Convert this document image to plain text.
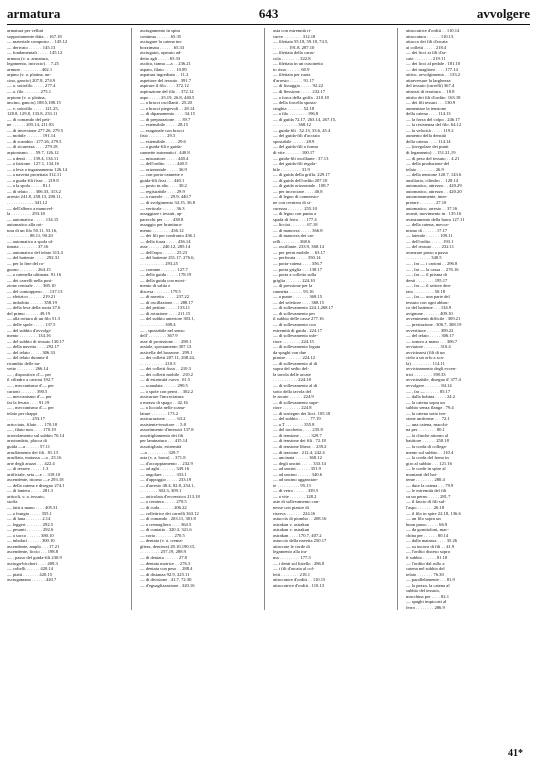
armatura	643	avvolgere
armatura per velluti
sopportamente ditta . . 167.18
— materiale composto . . 145.12
— derivato . . . . . . 145.13
— fondamentali . . . . . 145.12
armura (v. a. armatura,
legamento, incrocio) . . 7.25
armure . . . . . . . . . 402.1
arpino (v. a. platina, un-
cino, gancio) 207.8, 274.9
— a. sottofilo . . . . . 277.4
— a. filo . . . . . . . 275.1
arpione (v. a. platina,
uncino, gancio) 188.5,188.15
— v. sottofilo . . . . . 121.25,
128.8, 129.8, 133.8, 233.11
— di comando del peti-
ne . . . . . . 205.14, 211.83
— di inversione 277.26, 279.5
— mobile . . . . . . . 191.14
— di scambio . 277.26, 279.5
— di sicurezza . . . . 279.18
arpionismo . . . 59.7, 126.12
— a denti . . . 139.4, 134.11
— a frizione . 127.1, 134.16
— a leva a ingranamento 126.14
— a navetta proiettata 312.11
— a guida-fili fisse . . 219.8
— a la spola . . . . . 81.1
— di telaio . . . 306.33, 313.2
arresto 241.8, 258.13, 290.11,
. . . . . . . . . . . . 341.12
— dell'albero a manovel-
la . . . . . . . . . 293.18
— automatico . . . . . 134.15
automatico alla rot-
tura di un filo 50.11, 53.16,
. . . . . . . . . . 88.11, 90.20
— automatico a spola ul-
timata . . . . . . . . 37.16
— automatico del telaio 313.4
— del battente . . . . . 292.31
— per la fine del ro-
guono . . . . . . . . 264.15
— a catenella ultimata. 91.16
— dei carrelli nella posi-
zione centrale . . . . 369.10
— del contrappeso . . . 137.13
— elettrico . . . . . . 219.21
— imbobito . . . . . . 358.19
— della leva della ruota 37.6
del primo . . . . . . 49.19
— alla rottura di un filo 51.3
— delle spole . . . . . 137.5
— del subbio d'avvolgi-
mento . . . . . . . . 134.16
— del subbio di tessuto 130.17
— della navetta . . . . 292.17
— del telaio . . . . . 306.33
— del telaio durante il
ricambio delle na-
vette . . . . . . . . 266.14
— , dispositivo d'— per
il cilindro a cartoni 192.7
— , meccanismo d'— per
cartoni . . . . . . . 390.5
— meccanismo d'— per
far la levata . . . . 91.19
— , meccanismo d'— per
telaio per drappi
. . . . . . . . . . . 253.17
arricciato, filato . . . 170.18
— , filato non . . . . 170.19
arrotolamento sul subbio 76.14
arrotondato, placca di
guida —a . . . . . . 57.11
arruffamento dei fili . 81.13
arruffato, matassa —a . 25.16
arte degli arazzi . . . 422.4
— di tessere . . . . . 1.3
artificiale, seta —e . . 318.10
ascendente, ritorno —e 293.18
— della catena e disegno 274.1
— di laniera . . . . . 281.3
articoli, v. a. tessuto,
stoffa
— fatti a mano . . . . 405.31
— a frangia . . . . . 355.1
— di lana . . . . . . . 2.14
— leggeri . . . . . . . 292.5
— pesanti . . . . . . . 292.6
— a sacco . . . . . . 380.10
— tubolari . . . . . . 300.10
ascendente, amplo . . . 17.21
ascendente, liccio . . . 198.8
— , passo del guida-fili 230.9
asciuga-biccheri . . . . 409.3
— coltelli . . . . . . 420.14
— piatti . . . . . . . 420.15
asciugamano . . . . . . 420.7
asciugamento in spira
continua . . . . . . 65.35
asciugare la catena im-
bozzimata . . . . . . 65.33
asciugatoi, operaio ad-
detto agli . . . . . 65.33
ascitto, trama —a . . 236.21
aspato, filato . . . . . 10.89
aspatura ingrediata . . 11.2
aspettore del tessuto . 391.7
aspirare il filo . . . . 372.12
aspirazione del filo . . 372.12
aspo . . . . . 25.19, 26.8, 440.5
— a bracci oscillanti . 25.20
— a bracci piegevoli . . 28.14
— di dipanamento . . . . 34.15
— di preparazione . . . 39.7
— estensibile . . . . . 28.15
— esagonale con bracci
fissi . . . . . . . . 29.3
— estensibile . . . . . 29.6
— a guida-fili e guida-
cannette automatici . 440.8
— misuratore . . . . . 440.4
— dell'ordito . . . . . 440.5
— orizzontale . . . . . 36.9
— con porta-cannette e
guida-fili fissi . . . 440.1
— posto in alto . . . . 30.2
— registrabile . . . . 29.9
— a ruzzole . . . 29.9, 440.7
— di svolgimento 34.15, 36.8
— verticale . . . . . . 36.3
assaggiare i tessuti, ap-
parecchi per . . . . 438.8
assaggio per brunitura-
mento . . . . . . . . 436.12
— dei fili per confronto 436.1
— della forza . . . . . 436.14
asse . . . . . . 240.12, 285.14
— dell'aspo . . . . . . 25.23
— del battente 251.17, 276.6,
. . . . . . . . . . . 293.25
— comune . . . . . . . 127.7
— della guida . . . . . 178.19
— della guida con movi-
mento di salita e
discesa . . . . . . . 179.5
— di navetta . . . . . 237.22
— di oscillazione . . . 288.17
— del pettine . . . . . 133.11
— di rotazione . . . . 211.15
— del subbio anteriore 303.1,
. . . . . . . . . . . 309.4
— , spostabile nel senso
dell' . . . . . . . . 367.9
asse di protezione . . . 298.1
assiale, spostamento 307.13
assicella del bozzone . 299.1
— dei colletti 207.11, 208.24,
. . . . . . . . . . . 210.3
— dei colletti fissa . . 210.3
— dei colletti mobile . 210.2
— di estremità curva . 61.5
— scanalata . . . . . . 290.5
— a spole con perni . . 302.2
assicurare l'incrociatura
a mezzo di spago . . 42.16
— a licciola nelle scana-
lature . . . . . . . 173.2
assicurazione . . . . . 63.2
assistente-tessitore . . 5.8
assortimento d'intessiti 137.8
assottigliamento dei fili
per laminatura . . . 415.14
assottigliato, estremità
—a . . . . . . . . . 329.7
asta (v. a. barra) . . 371.8
— d'accoppiamento . . 232.9
— ad aghi . . . . . . . 349.16
— angolare . . . . . . 333.1
— d'appoggio . . . . . 233.19
— d'arresto 48.4, 82.8, 254.1,
. . . . . . . . 302.3, 309.1
— articolata d'eccentrico 213.18
— a cerniera . . . . . 270.5
— di coda . . . . . . 206.22
— collettrice dei carrelli 363.12
— di comando . 203.11, 301.8
— a cremagliera . . . . 364.5
— di contatto . 320.3, 321.6
— corta . . . . . . . . 270.5
— dentata (v. a. crema-
gliera, dentiera) 28.10,190.15,
. . . . . . . . . 257.19, 288.9
— di dentato . . . . . . 27.8
— dentata motrice . . 276.3
— dentata con peso . . 288.4
— di distanza 92.9, 225.11
— di divisione . 41.7, 72.30
— d'eguaglizzazione . 320.16
asta con estremità ri-
curve . . . . . . . . 312.18
— filettata 55.18, 59.18, 74.5,
. . . . . . . 191.8, 287.10
— filettata della carru-
cola . . . . . . . . 322.8
— filettata in un cuscinetto
to risso . . . . . . 60.9
— filettata per ruota
d'arresto . . . . . . 91.17
— di fissaggio . . . . . 92.22
— di flessione . . . . . 232.17
— a forca della griffa . 210.18
— della forcella sposta-
cinghia . . . . . . . 52.18
— a filo . . . . . . . . 196.8
— di guida 72.17, 263.14, 267.15,
. . . . . . . . . . . 368.12
— guida-fili . 32.13, 33.6, 45.4
— del guida-fili d'acciaio
spostabile . . . . . . 28.9
— del guida-fili a forma
di vite . . . . . . . 100.17
— guida-fili oscillante . 37.13
— dei guida-fili regola-
bile . . . . . . . . . 31.9
— di guida della griffa. 229.17
— di guida dell'ordito 207.10
— di guida orizzontale . 108.7
— per incrociare . . . . 40.8
— di legno di connessio-
ne con cerniera di si-
curezza . . . . . . . 255.10
— di legno con punta a
spada di ferro . . . 177.4
— licciai . . . . . . . 67.18
— di manovra . . . . . 366.8
— di manovra dei car-
relli . . . . . . . . 368.6
— oscillante. 233.9, 368.14
— per perni mobile . . 63.17
— perforata . . . . . 350.14
— porta-catena . . . . 356.7
— porta griglia . . . 138.17
— porta a colletto sulla
griglia . . . . . . . 224.10
— di pressione per la
cannetta . . . . . . 93.16
— a punte . . . . . . . 368.15
— del selettore . . . . 368.15
— di sollevamento 224.1,268.17
— di sollevamento per
il subbio delle casse 277.16
— di sollevamento con
estremità di guida . 224.17
— di sollevamento infe-
riore . . . . . . . . 224.15
— di sollevamento legata
da spaghi con due
piastre . . . . . . . 224.12
— di sollevamento al di
sopra del sedio del-
la tavola delle arcate
. . . . . . . . . . . 224.18
— di sollevamento al di
sotto della tavola del
le arcate . . . . . . 224.9
— di sollevamento supe-
riore . . . . . . . . 224.8
— di sostegno dei licci. 105.18
— del subbio . . . . . 77.19
— a T . . . . . . . . 355.8
— del tacchetto . . . . 235.8
— di tensione . . . . . 329.7
— di tensione dei fili . 72.18
— di tensione libera . . 239.2
— di trazione . 212.4, 242.4
— uncinata . . . . . . 368.12
— degli uncini . . . . . 333.14
— ad uncini . . . . . . 351.9
— ad uncino . . . . . . 340.6
— ad uncino aggancian-
te . . . . . . . . . . 95.13
— di vetro . . . . . . 339.5
— a vite . . . . . . . 128.2
aste di sollevamento con-
nesse con piastre di
riserva . . . . . . . 224.16
astuccio di piombo . . 208.16
astrakan v. astrakan
astrakan v. astrakan
astrakan . . . . 170.7, 407.2
astuccio della navetta 250.17
attaccare le corde di
legamento alla tra-
ma . . . . . . . . . 177.5
— i denti sul listello . 286.8
— i fili d'arcata al col-
letti . . . . . . . . 218.1
attaccatore d'orditi . . 110.15
attaccatrice d'orditi . 110.13
attaccatrice d'orditi . . 110.14
attaccatura . . . . . . 110.13
attacco dei fili d'arcata
ai colletti . . . . . 218.4
— dei licci ai fili d'ar-
cate . . . . . . . . 219.11
— dei licci al pedale . 181.10
— dei maglioni . . . . 177.14
attivo, avvolgimento . . 133.2
attraversare la larghezza
del tessuto (carrelli) 367.4
attrezzi di tessitura . . 18.8
attrito dei fili d'ordito. 163.18
— dei fili tessuti . . . 130.9
aumentare la tensione
della catena . . . . 114.13
— la forza del colpo . 246.17
— la resistenza del filo. 64.12
— la velocità . . . . . 119.2
aumento della densità
della catena . . . . 114.14
— (irregolare dei punti
di legamento) . . 151.21,19
— di peso del tessuto . . 4.21
— della produzione del
telaio . . . . . . . . 26.9
— della tensione 120.7, 143.6
ausiliario, cilindro . . 128.14
automatico, attrezzo . . 420.29
automatico, attrezzo . . 420.20
autonomamente, inter-
pretare . . . . . . . 27.10
automatico, arresto . . 37.16
avanti, movimento in . 135.16
avanzamento della barra 127.11
— della catena, mecca-
nismo di . . . . . . 17.17
— laterale . . . . . . 109.11
— dell'ordito . . . . . 193.1
— del tessuto . . . . 232.11
avanzare passo a passo
. . . . . . . . . . . 340.5
— , far — i cartoni . . 296.8
— , far — la cassa . . 276.16
— , far — il prisma di
denti . . . . . . . . 195.17
— , far — il settore den-
tato . . . . . . . . . 50.18
— , far — una parte del
tessuto con ogni abbas-
co del battente . . . 134.9
avignone . . . . . . . 409.10
avvenimenti difficile . 309.21
— prestazione . 306.7, 308.19
avvertitore . . . . . . 309.22
— del telaio . . . . . 306.17
— sonoro a mano . . . 306.7
avviatore . . . . . . . 310.4
avvicinarsi (fili di un
cielo a un orlo a sca-
la) . . . . . . . . . 114.11
avvicinamento degli eccen-
trici . . . . . . . . 198.33
avvicinabile, disegno d' 377.4
avvolgere . . . . . . . 84.14
— , far — . . . . . . 85.17
— dalla bobina . . . . . 24.2
— la catena sopra un
subbio senza flange . 79.4
— la catena sotto ten-
sione uniforme . . . 72.1
— una catena, macchi-
na per . . . . . . . . 80.1
— la clinche attorno al
battitore . . . . . . 250.18
— la corda di collega-
mento sul subbio . . 110.4
— la corda del freno in
giro al subbio . . . 121.16
— le corde in spire al
montanti del bat-
tente . . . . . . . . 280.4
— dure la catena . . . 79.9
— le estremità del fili
su un perno . . . . . 281.7
— il fascio di fili sul-
l'aspo . . . . . . . 26.18
— il filo in spire 22.18, 136.6
— un filo sopra un
buon passo . . . . . 66.9
— da gomitoloni, mac-
china per . . . . . . 80.14
— dalla matassa . . . . 35.26
— su incavo di fili . . 41.9
— l'ordito disteso sopra
il subbio . . . . . . 81.18
— l'ordito dal rullo a
catena nel subbio del
telaio . . . . . . . 76.30
— parallelamente . . . 81.9
— la pezza, la catena al
subbio del tessuto,
macchina per . . . . 82.1
— spaghi impiccati al
ferro . . . . . . . . 286.9
41*
